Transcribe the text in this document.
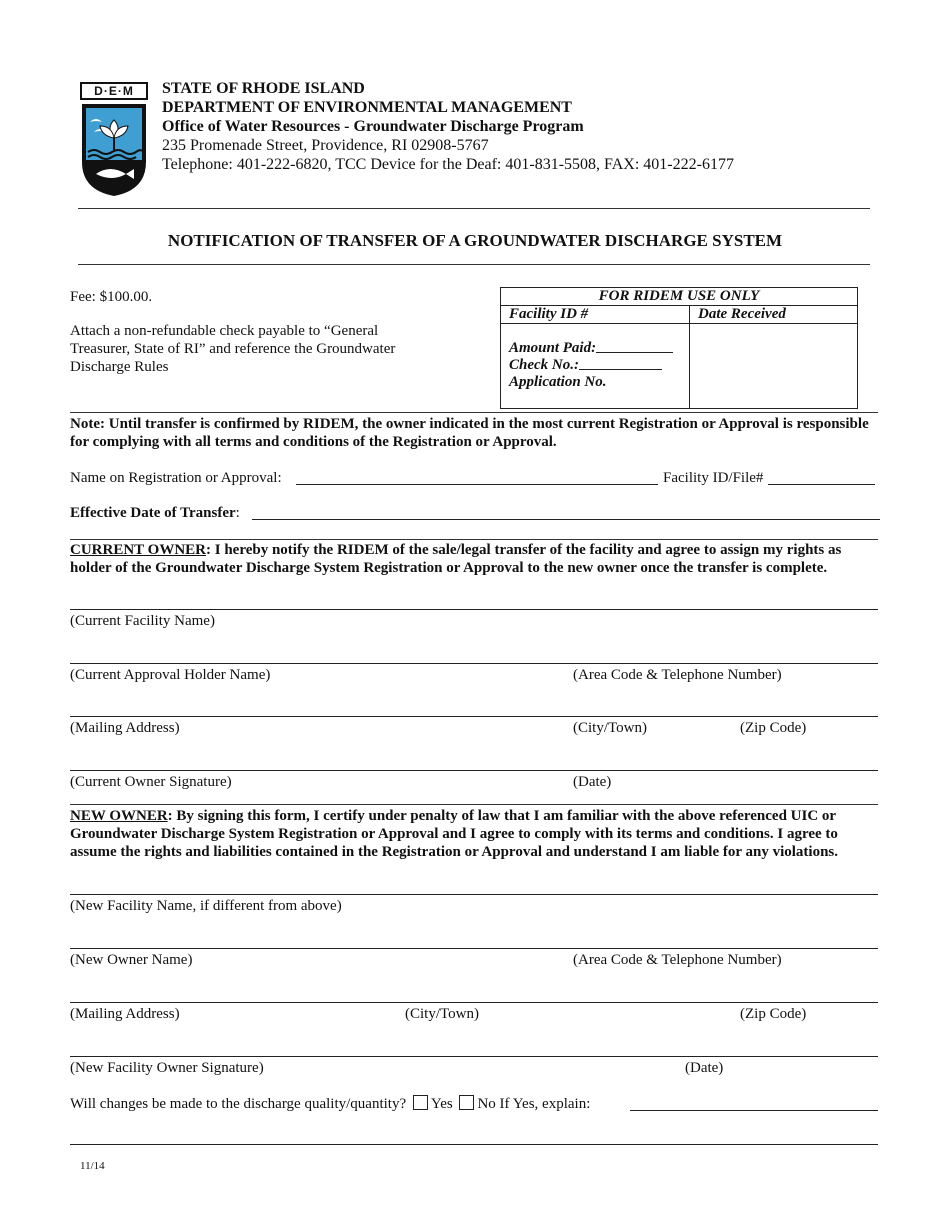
D·E·M	STATE OF RHODE ISLAND
DEPARTMENT OF ENVIRONMENTAL MANAGEMENT
Office of Water Resources - Groundwater Discharge Program
235 Promenade Street, Providence, RI 02908-5767
Telephone: 401-222-6820, TCC Device for the Deaf: 401-831-5508, FAX: 401-222-6177
NOTIFICATION OF TRANSFER OF A GROUNDWATER DISCHARGE SYSTEM
Fee: $100.00.
Attach a non-refundable check payable to “General Treasurer, State of RI” and reference the Groundwater Discharge Rules
FOR RIDEM USE ONLY	
Facility ID #	Date Received

Amount Paid:
Check No.:
Application No.	

Note: Until transfer is confirmed by RIDEM, the owner indicated in the most current Registration or Approval is responsible for complying with all terms and conditions of the Registration or Approval.
Name on Registration or Approval:	Facility ID/File#
Effective Date of Transfer:
CURRENT OWNER: I hereby notify the RIDEM of the sale/legal transfer of the facility and agree to assign my rights as holder of the Groundwater Discharge System Registration or Approval to the new owner once the transfer is complete.
(Current Facility Name)
(Current Approval Holder Name)	(Area Code & Telephone Number)
(Mailing Address)	(City/Town)	(Zip Code)
(Current Owner Signature)	(Date)
NEW OWNER: By signing this form, I certify under penalty of law that I am familiar with the above referenced UIC or Groundwater Discharge System Registration or Approval and I agree to comply with its terms and conditions. I agree to assume the rights and liabilities contained in the Registration or Approval and understand I am liable for any violations.
(New Facility Name, if different from above)
(New Owner Name)	(Area Code & Telephone Number)
(Mailing Address)	(City/Town)	(Zip Code)
(New Facility Owner Signature)	(Date)
Will changes be made to the discharge quality/quantity? Yes No If Yes, explain:
11/14
